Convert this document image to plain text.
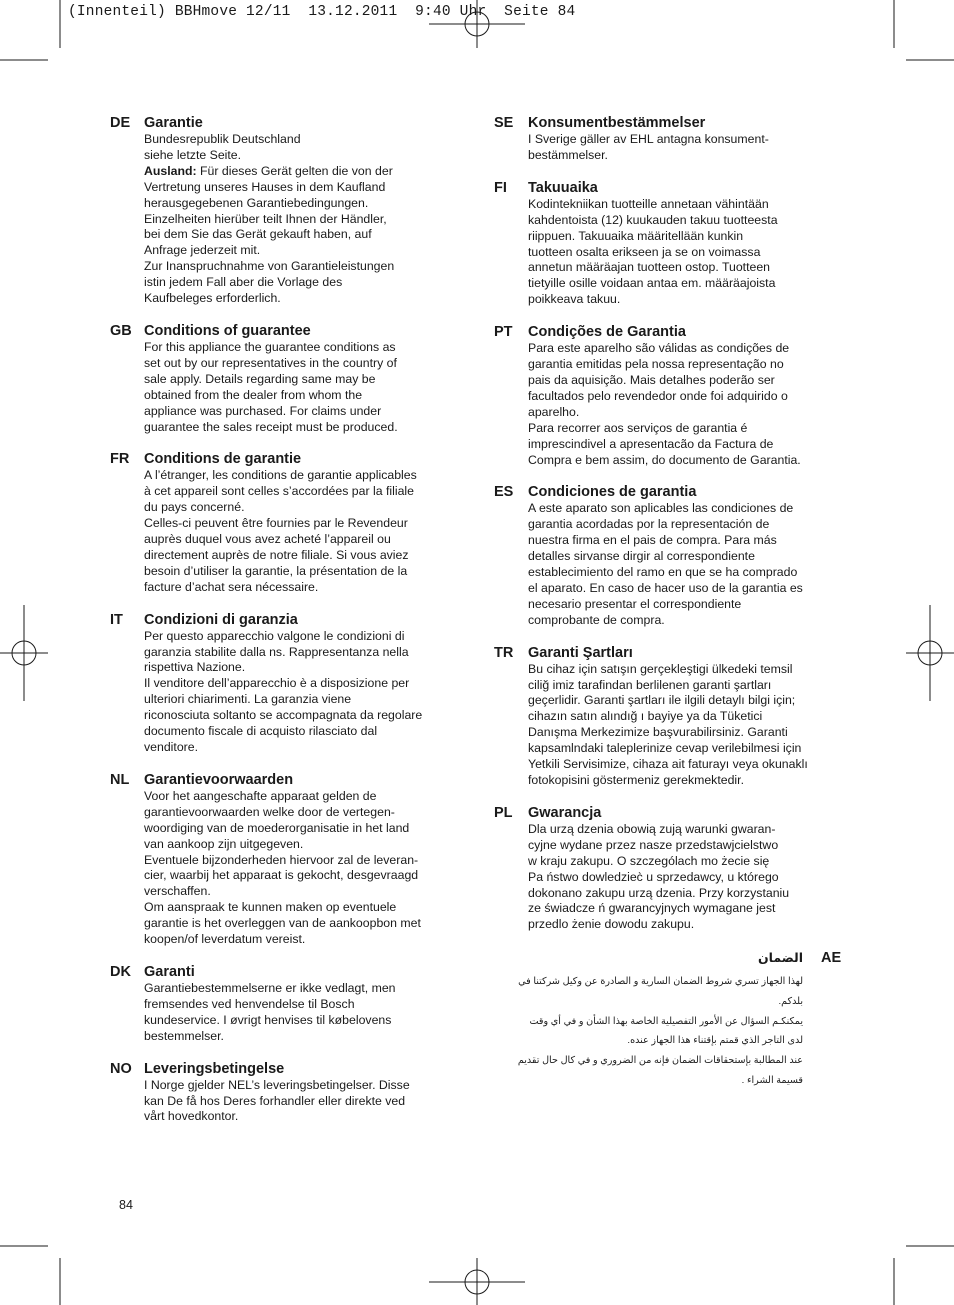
(Innenteil) BBHmove 12/11  13.12.2011  9:40 Uhr  Seite 84
DE Garantie
Bundesrepublik Deutschland
siehe letzte Seite.
Ausland: Für dieses Gerät gelten die von der
Vertretung unseres Hauses in dem Kaufland
herausgegebenen Garantiebedingungen.
Einzelheiten hierüber teilt Ihnen der Händler,
bei dem Sie das Gerät gekauft haben, auf
Anfrage jederzeit mit.
Zur Inanspruchnahme von Garantieleistungen
istin jedem Fall aber die Vorlage des
Kaufbeleges erforderlich.
GB Conditions of guarantee
For this appliance the guarantee conditions as
set out by our representatives in the country of
sale apply. Details regarding same may be
obtained from the dealer from whom the
appliance was purchased. For claims under
guarantee the sales receipt must be produced.
FR	Conditions de garantie
A l’étranger, les conditions de garantie applicables
à cet appareil sont celles s’accordées par la filiale
du pays concerné.
Celles-ci peuvent être fournies par le Revendeur
auprès duquel vous avez acheté l’appareil ou
directement auprès de notre filiale. Si vous aviez
besoin d’utiliser la garantie, la présentation de la
facture d’achat sera nécessaire.
IT	Condizioni di garanzia
Per questo apparecchio valgone le condizioni di
garanzia stabilite dalla ns. Rappresentanza nella
rispettiva Nazione.
Il venditore dell’apparecchio è a disposizione per
ulteriori chiarimenti. La garanzia viene
riconosciuta soltanto se accompagnata da regolare
documento fiscale di acquisto rilasciato dal
venditore.
NL	Garantievoorwaarden
Voor het aangeschafte apparaat gelden de
garantievoorwaarden welke door de vertegen-
woordiging van de moederorganisatie in het land
van aankoop zijn uitgegeven.
Eventuele bijzonderheden hiervoor zal de leveran-
cier, waarbij het apparaat is gekocht, desgevraagd
verschaffen.
Om aanspraak te kunnen maken op eventuele
garantie is het overleggen van de aankoopbon met
koopen/of leverdatum vereist.
DK Garanti
Garantiebestemmelserne er ikke vedlagt, men
fremsendes ved henvendelse til Bosch
kundeservice. I øvrigt henvises til købelovens
bestemmelser.
NO Leveringsbetingelse
I Norge gjelder NEL’s leveringsbetingelser. Disse
kan De få hos Deres forhandler eller direkte ved
vårt hovedkontor.
SE	Konsumentbestämmelser
I Sverige gäller av EHL antagna konsument-
bestämmelser.
FI	Takuuaika
Kodintekniikan tuotteille annetaan vähintään
kahdentoista (12) kuukauden takuu tuotteesta
riippuen. Takuuaika määritellään kunkin
tuotteen osalta erikseen ja se on voimassa
annetun määräajan tuotteen ostop. Tuotteen
tietyille osille voidaan antaa em. määräajoista
poikkeava takuu.
PT	Condições de Garantia
Para este aparelho são válidas as condições de
garantia emitidas pela nossa representação no
pais da aquisição. Mais detalhes poderão ser
facultados pelo revendedor onde foi adquirido o
aparelho.
Para recorrer aos serviços de garantia é
imprescindivel a apresentacão da Factura de
Compra e bem assim, do documento de Garantia.
ES	Condiciones de garantia
A este aparato son aplicables las condiciones de
garantia acordadas por la representación de
nuestra firma en el pais de compra. Para más
detalles sirvanse dirgir al correspondiente
establecimiento del ramo en que se ha comprado
el aparato. En caso de hacer uso de la garantia es
necesario presentar el correspondiente
comprobante de compra.
TR	Garanti Şartları
Bu cihaz için satışın gerçekleştigi ülkedeki temsil
ciliğ imiz tarafindan berlilenen garanti şartları
geçerlidir. Garanti şartları ile ilgili detaylı bilgi için;
cihazın satın alındığ ı bayiye ya da Tüketici
Danışma Merkezimize başvurabilirsiniz. Garanti
kapsamlndaki taleplerinize cevap verilebilmesi için
Yetkili Servisimize, cihaza ait faturayı veya okunaklı
fotokopisini göstermeniz gerekmektedir.
PL	Gwarancja
Dla urzą dzenia obowią zują warunki gwaran-
cyjne wydane przez nasze przedstawjcielstwo
w kraju zakupu. O szczególach mo żecie się
Pa ństwo dowledziec̀ u sprzedawcy, u którego
dokonano zakupu urzą dzenia. Przy korzystaniu
ze świadcze ń gwarancyjnych wymagane jest
przedlo żenie dowodu zakupu.
الضمان AE
لهذا الجهاز تسري شروط الضمان السارية و الصادرة عن وكيل شركتنا في
بلدكم.
يمكنكـم السؤال عن الأمور التفصيلية الخاصة بهذا الشأن و في أي وقت
لدى التاجر الذي قمتم بإقتناء هذا الجهاز عنده.
عند المطالبة بإستحقاقات الضمان فإنه من الضروري و في كال حال تقديم
قسيمة الشراء .
84
